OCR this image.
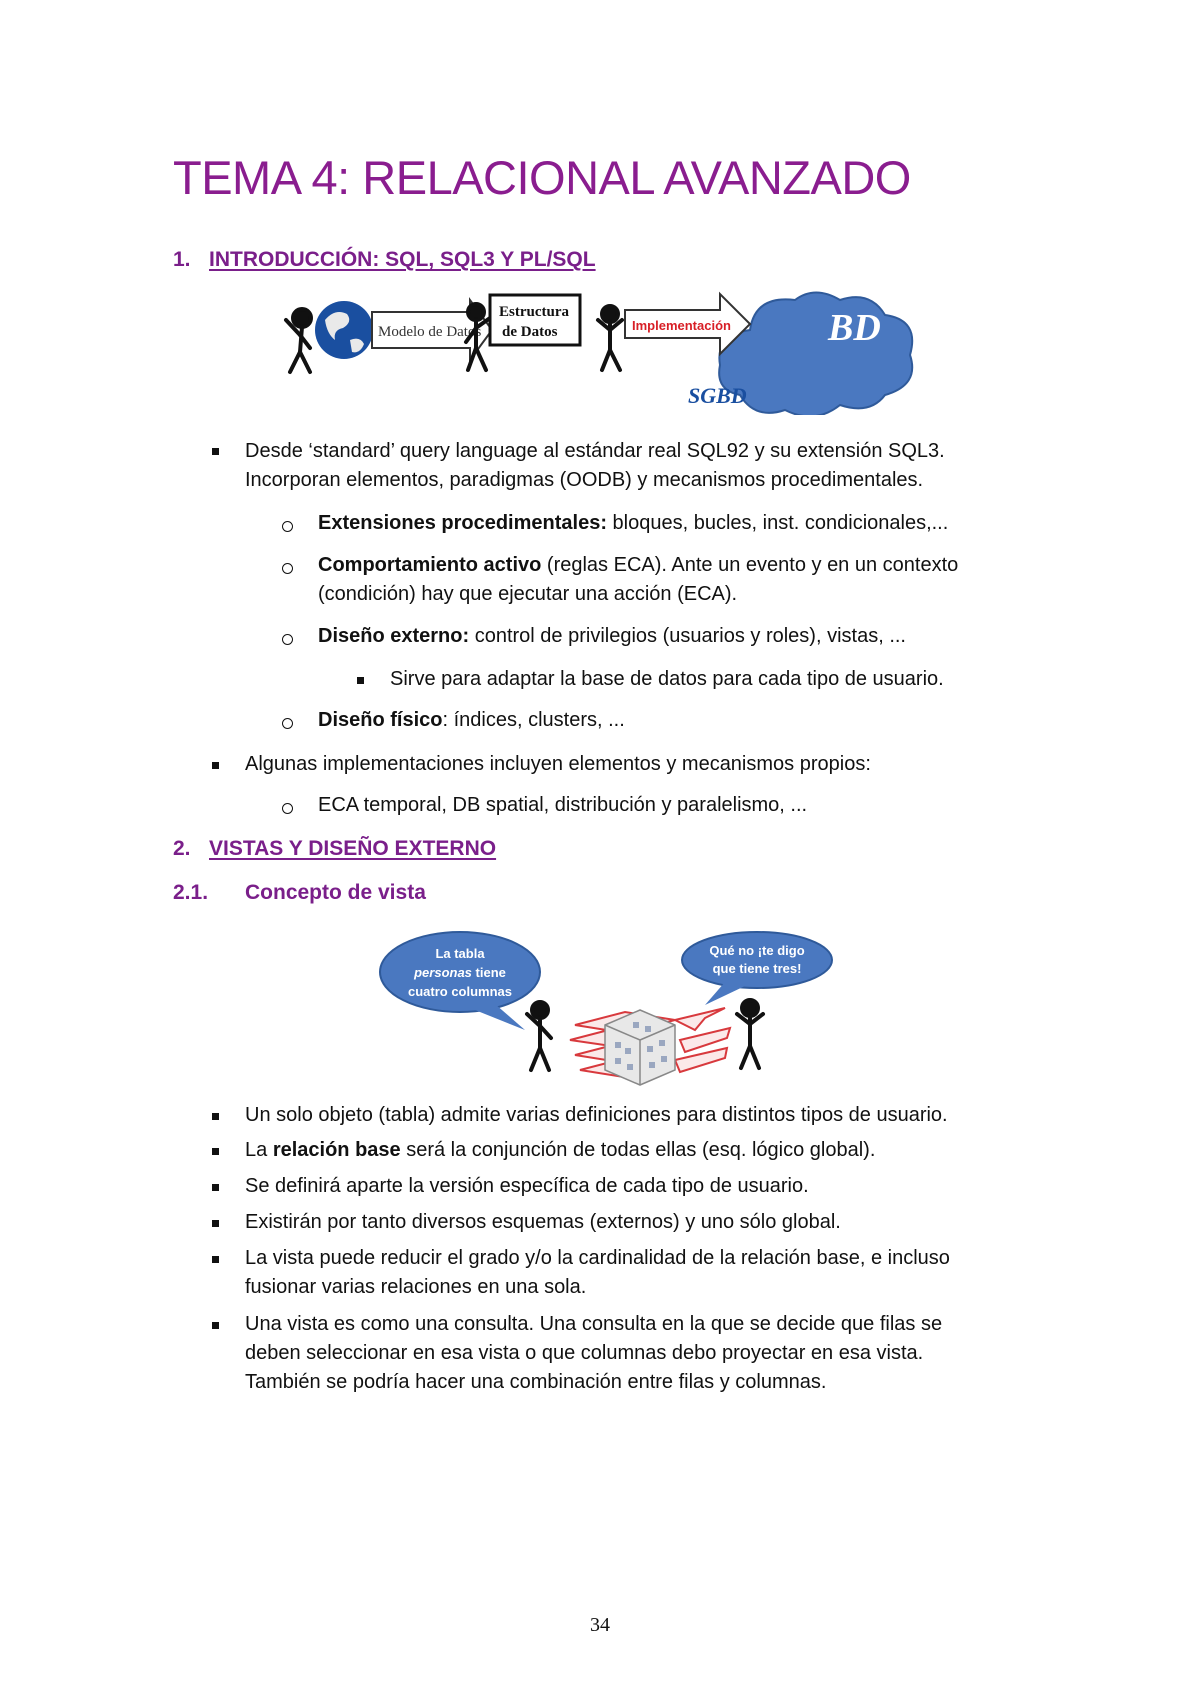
TEMA 4: RELACIONAL AVANZADO
1. INTRODUCCIÓN: SQL, SQL3 Y PL/SQL
Modelo de Datos
Estructura
de Datos	Implementación	BD
SGBD
Desde ‘standard’ query language al estándar real SQL92 y su extensión SQL3.
Incorporan elementos, paradigmas (OODB) y mecanismos procedimentales.
Extensiones procedimentales: bloques, bucles, inst. condicionales,...
Comportamiento activo (reglas ECA). Ante un evento y en un contexto
(condición) hay que ejecutar una acción (ECA).
Diseño externo: control de privilegios (usuarios y roles), vistas, ...
Sirve para adaptar la base de datos para cada tipo de usuario.
Diseño físico: índices, clusters, ...
Algunas implementaciones incluyen elementos y mecanismos propios:
ECA temporal, DB spatial, distribución y paralelismo, ...
2. VISTAS Y DISEÑO EXTERNO
2.1. Concepto de vista
La tabla
personas tiene
cuatro columnas
Qué no ¡te digo
que tiene tres!
Un solo objeto (tabla) admite varias definiciones para distintos tipos de usuario.
La relación base será la conjunción de todas ellas (esq. lógico global).
Se definirá aparte la versión específica de cada tipo de usuario.
Existirán por tanto diversos esquemas (externos) y uno sólo global.
La vista puede reducir el grado y/o la cardinalidad de la relación base, e incluso
fusionar varias relaciones en una sola.
Una vista es como una consulta. Una consulta en la que se decide que filas se
deben seleccionar en esa vista o que columnas debo proyectar en esa vista.
También se podría hacer una combinación entre filas y columnas.
34
